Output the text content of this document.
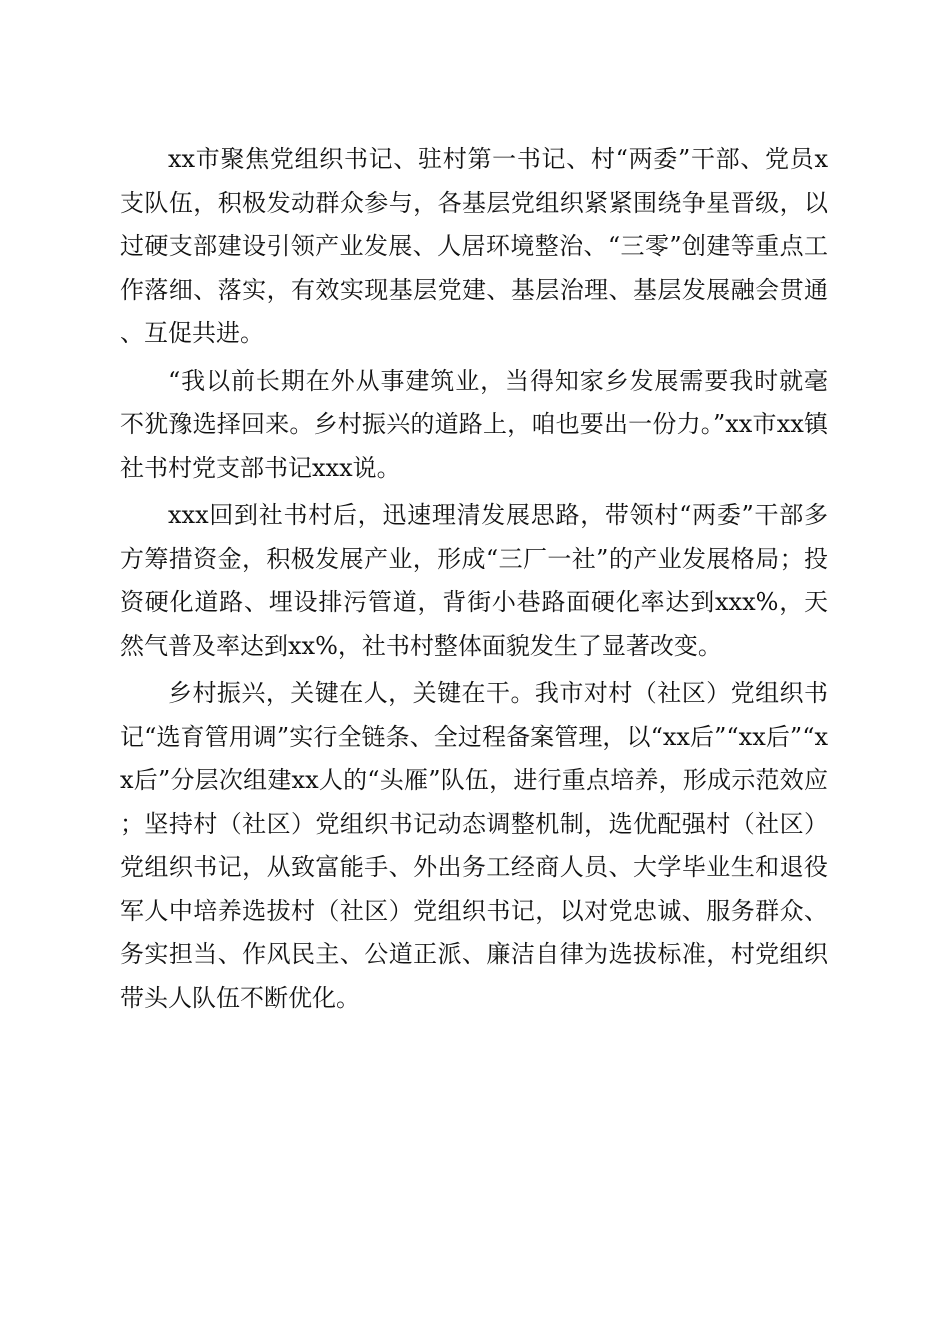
xx市聚焦党组织书记、驻村第一书记、村“两委”干部、党员x支队伍，积极发动群众参与，各基层党组织紧紧围绕争星晋级，以过硬支部建设引领产业发展、人居环境整治、“三零”创建等重点工作落细、落实，有效实现基层党建、基层治理、基层发展融会贯通、互促共进。

“我以前长期在外从事建筑业，当得知家乡发展需要我时就毫不犹豫选择回来。乡村振兴的道路上，咱也要出一份力。”xx市xx镇社书村党支部书记xxx说。

xxx回到社书村后，迅速理清发展思路，带领村“两委”干部多方筹措资金，积极发展产业，形成“三厂一社”的产业发展格局；投资硬化道路、埋设排污管道，背街小巷路面硬化率达到xxx%，天然气普及率达到xx%，社书村整体面貌发生了显著改变。

乡村振兴，关键在人，关键在干。我市对村（社区）党组织书记“选育管用调”实行全链条、全过程备案管理，以“xx后”“xx后”“xx后”分层次组建xx人的“头雁”队伍，进行重点培养，形成示范效应；坚持村（社区）党组织书记动态调整机制，选优配强村（社区）党组织书记，从致富能手、外出务工经商人员、大学毕业生和退役军人中培养选拔村（社区）党组织书记，以对党忠诚、服务群众、务实担当、作风民主、公道正派、廉洁自律为选拔标准，村党组织带头人队伍不断优化。
